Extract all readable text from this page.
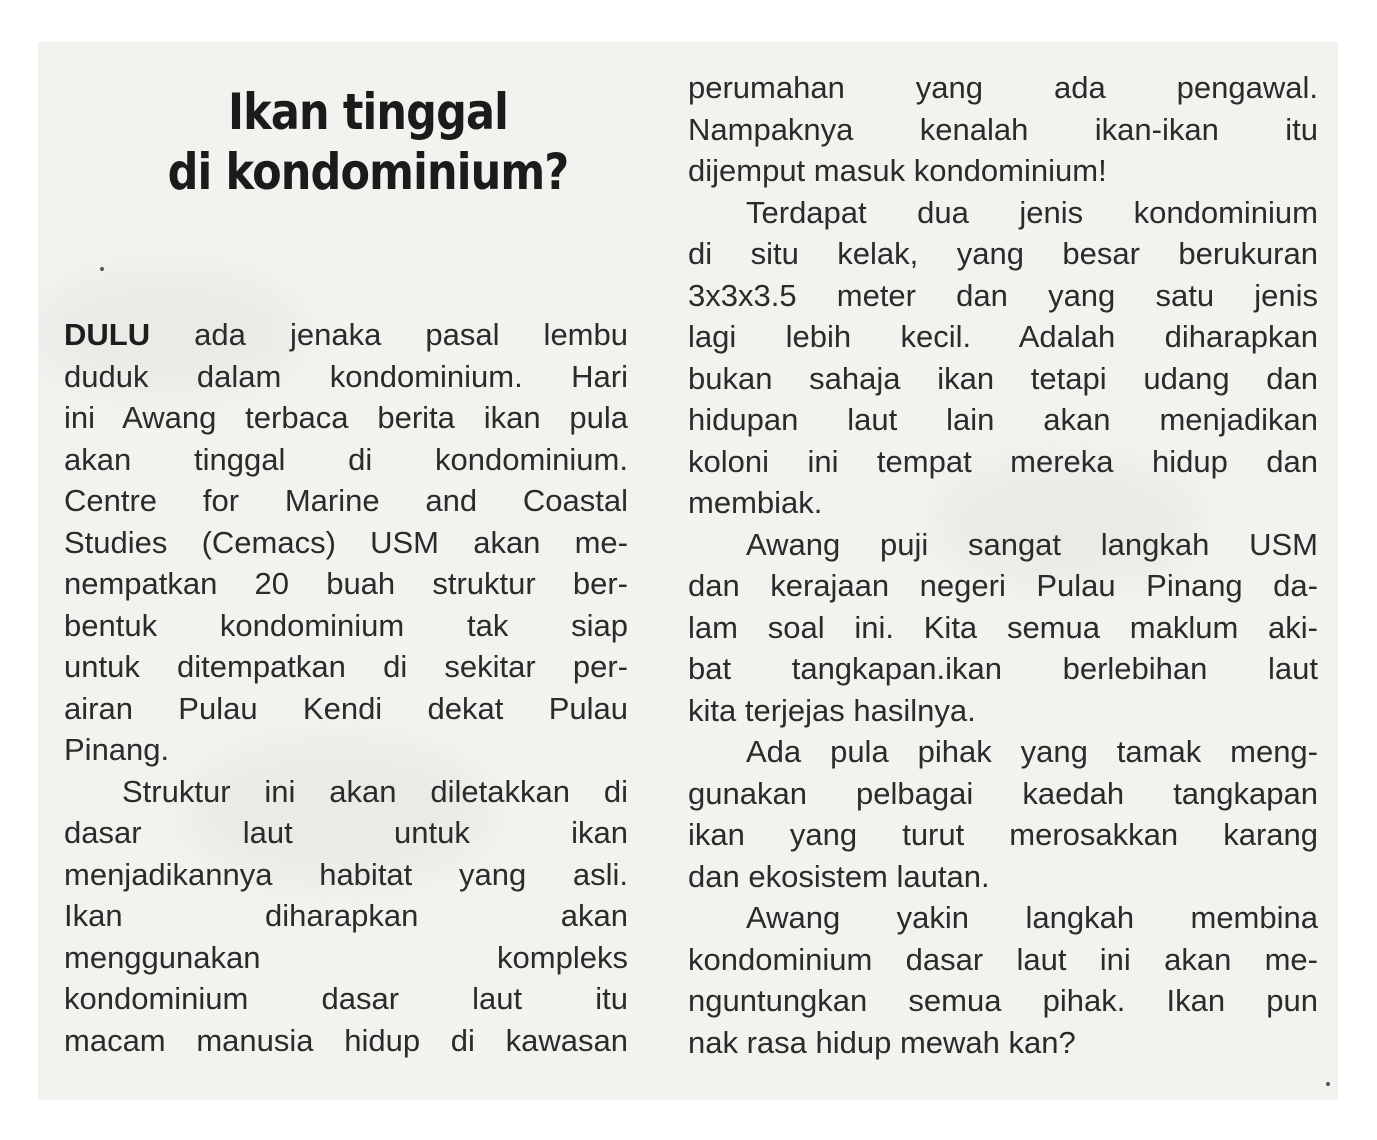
Ikan tinggal
di kondominium?
DULU ada jenaka pasal lembu
duduk dalam kondominium. Hari
ini Awang terbaca berita ikan pula
akan tinggal di kondominium.
Centre for Marine and Coastal
Studies (Cemacs) USM akan me-
nempatkan 20 buah struktur ber-
bentuk kondominium tak siap
untuk ditempatkan di sekitar per-
airan Pulau Kendi dekat Pulau
Pinang.
Struktur ini akan diletakkan di
dasar laut untuk ikan
menjadikannya habitat yang asli.
Ikan diharapkan akan
menggunakan kompleks
kondominium dasar laut itu
macam manusia hidup di kawasan
perumahan yang ada pengawal.
Nampaknya kenalah ikan-ikan itu
dijemput masuk kondominium!
Terdapat dua jenis kondominium
di situ kelak, yang besar berukuran
3x3x3.5 meter dan yang satu jenis
lagi lebih kecil. Adalah diharapkan
bukan sahaja ikan tetapi udang dan
hidupan laut lain akan menjadikan
koloni ini tempat mereka hidup dan
membiak.
Awang puji sangat langkah USM
dan kerajaan negeri Pulau Pinang da-
lam soal ini. Kita semua maklum aki-
bat tangkapan.ikan berlebihan laut
kita terjejas hasilnya.
Ada pula pihak yang tamak meng-
gunakan pelbagai kaedah tangkapan
ikan yang turut merosakkan karang
dan ekosistem lautan.
Awang yakin langkah membina
kondominium dasar laut ini akan me-
nguntungkan semua pihak. Ikan pun
nak rasa hidup mewah kan?
